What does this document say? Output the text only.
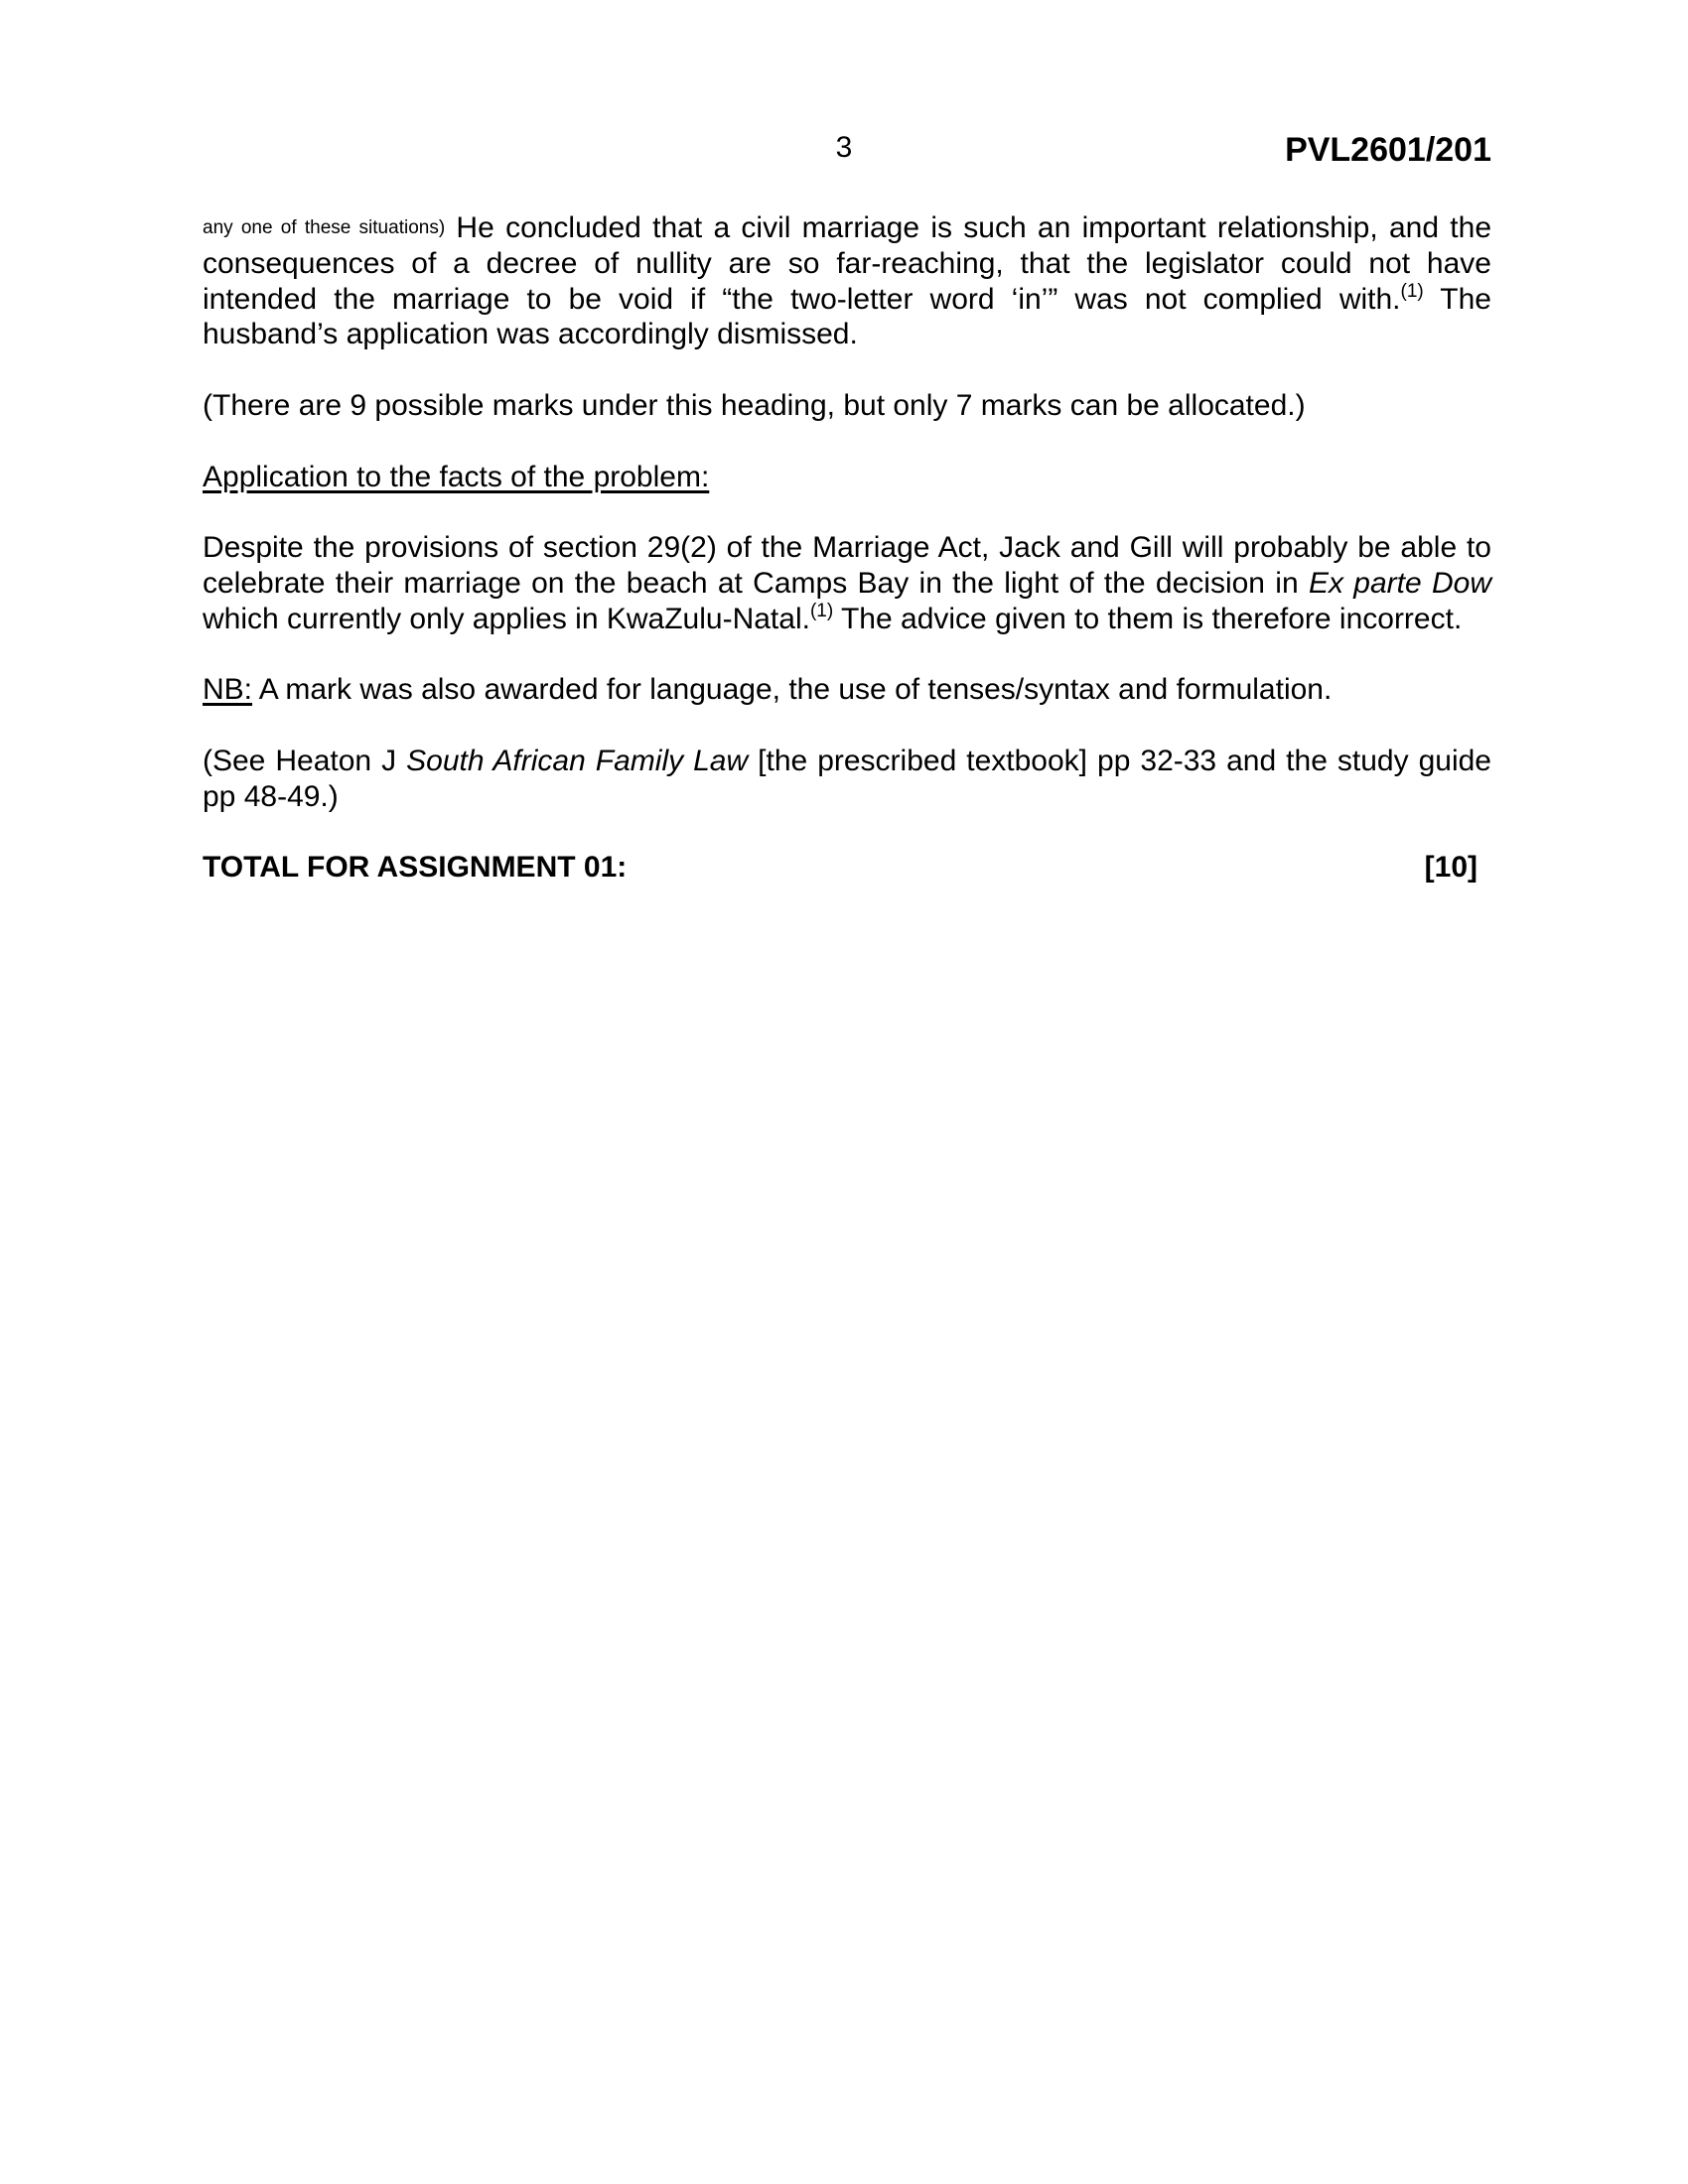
3	PVL2601/201

any one of these situations) He concluded that a civil marriage is such an important relationship, and the consequences of a decree of nullity are so far-reaching, that the legislator could not have intended the marriage to be void if “the two-letter word ‘in’” was not complied with.$^{(1)}$ The husband’s application was accordingly dismissed.

(There are 9 possible marks under this heading, but only 7 marks can be allocated.)

Application to the facts of the problem:

Despite the provisions of section 29(2) of the Marriage Act, Jack and Gill will probably be able to celebrate their marriage on the beach at Camps Bay in the light of the decision in Ex parte Dow which currently only applies in KwaZulu-Natal.$^{(1)}$ The advice given to them is therefore incorrect.

NB: A mark was also awarded for language, the use of tenses/syntax and formulation.

(See Heaton J South African Family Law [the prescribed textbook] pp 32-33 and the study guide pp 48-49.)

TOTAL FOR ASSIGNMENT 01:	[10]
